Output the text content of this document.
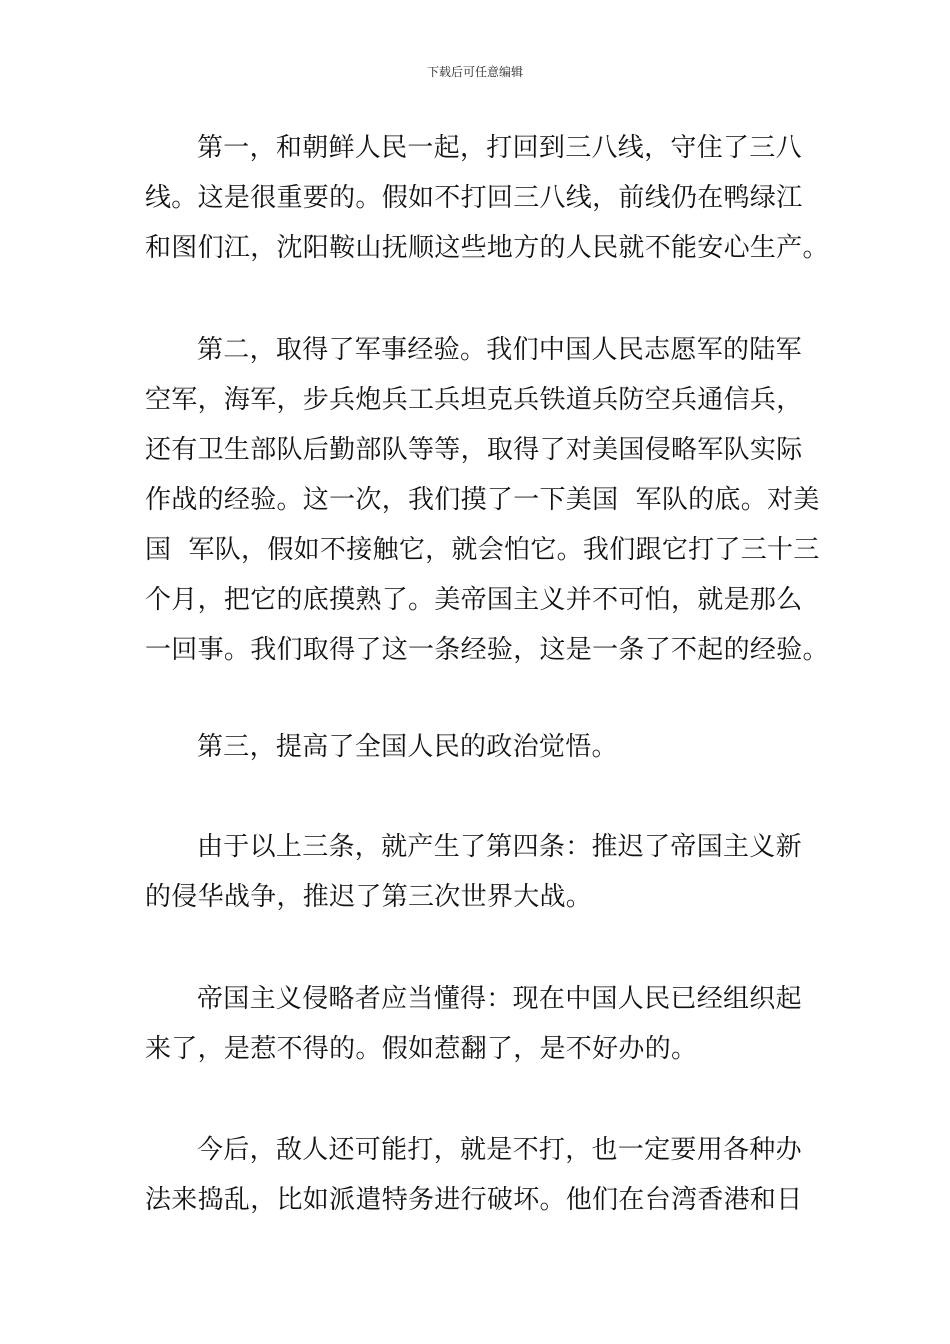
下载后可任意编辑
第一，和朝鲜人民一起，打回到三八线，守住了三八
线。这是很重要的。假如不打回三八线，前线仍在鸭绿江
和图们江，沈阳鞍山抚顺这些地方的人民就不能安心生产。
第二，取得了军事经验。我们中国人民志愿军的陆军
空军，海军，步兵炮兵工兵坦克兵铁道兵防空兵通信兵，
还有卫生部队后勤部队等等，取得了对美国侵略军队实际
作战的经验。这一次，我们摸了一下美国  军队的底。对美
国  军队，假如不接触它，就会怕它。我们跟它打了三十三
个月，把它的底摸熟了。美帝国主义并不可怕，就是那么
一回事。我们取得了这一条经验，这是一条了不起的经验。
第三，提高了全国人民的政治觉悟。
由于以上三条，就产生了第四条：推迟了帝国主义新
的侵华战争，推迟了第三次世界大战。
帝国主义侵略者应当懂得：现在中国人民已经组织起
来了，是惹不得的。假如惹翻了，是不好办的。
今后，敌人还可能打，就是不打，也一定要用各种办
法来捣乱，比如派遣特务进行破坏。他们在台湾香港和日
